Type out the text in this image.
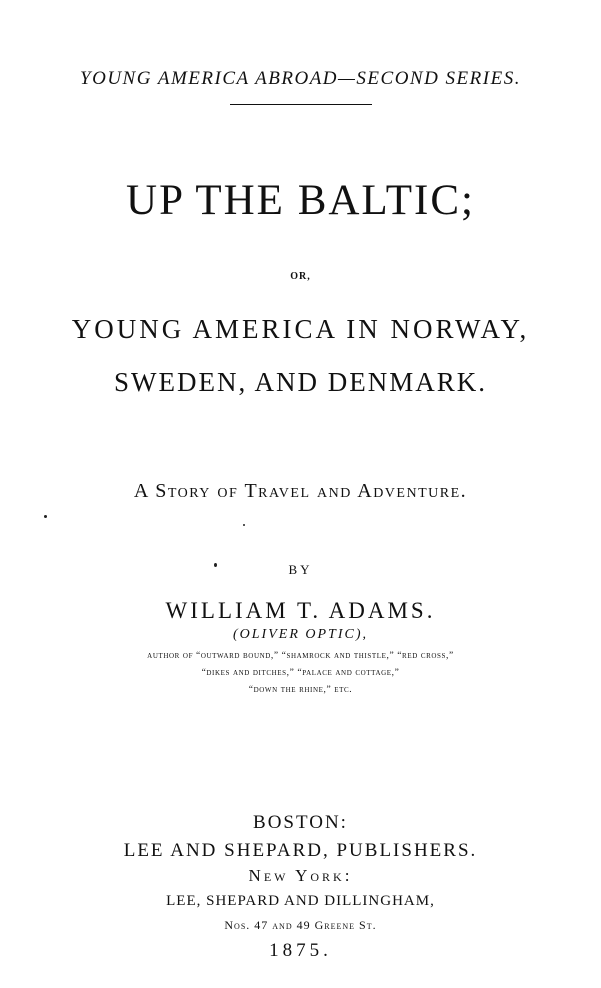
YOUNG AMERICA ABROAD—SECOND SERIES.
UP THE BALTIC;
OR,
YOUNG AMERICA IN NORWAY,
SWEDEN, AND DENMARK.
A Story of Travel and Adventure.
BY
WILLIAM T. ADAMS.
(OLIVER OPTIC),
author of “outward bound,” “shamrock and thistle,” “red cross,”
“dikes and ditches,” “palace and cottage,”
“down the rhine,” etc.
BOSTON:
LEE AND SHEPARD, PUBLISHERS.
New York:
LEE, SHEPARD AND DILLINGHAM,
Nos. 47 and 49 Greene St.
1875.
